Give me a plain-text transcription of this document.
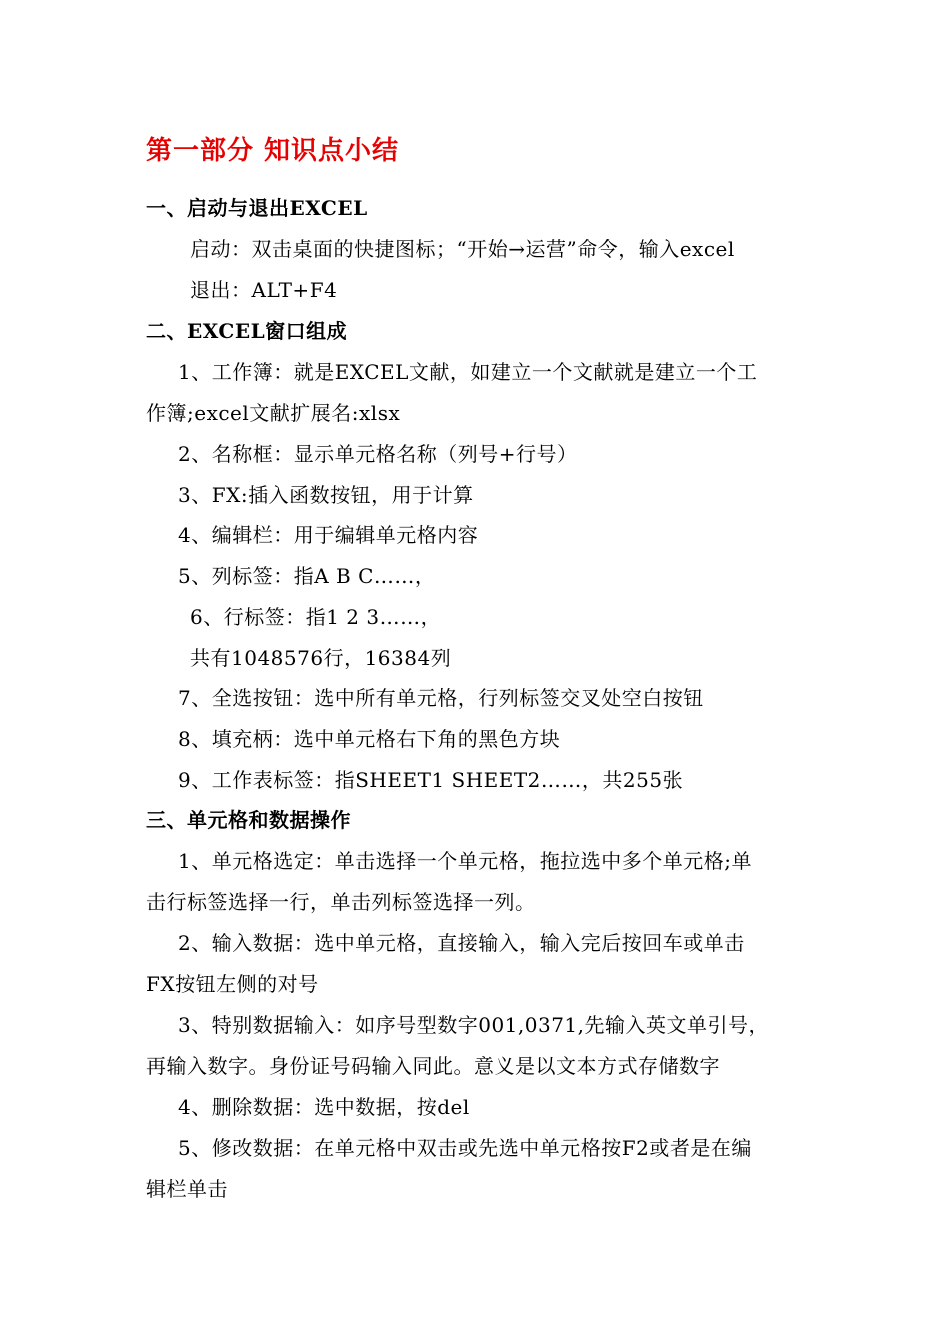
第一部分 知识点小结
一、启动与退出EXCEL
启动：双击桌面的快捷图标；“开始→运营”命令，输入excel
退出：ALT+F4
二、EXCEL窗口组成
1、工作簿：就是EXCEL文献，如建立一个文献就是建立一个工
作簿;excel文献扩展名:xlsx
2、名称框：显示单元格名称（列号+行号）
3、FX:插入函数按钮，用于计算
4、编辑栏：用于编辑单元格内容
5、列标签：指A B C……，
6、行标签：指1 2 3……，
共有1048576行，16384列
7、全选按钮：选中所有单元格，行列标签交叉处空白按钮
8、填充柄：选中单元格右下角的黑色方块
9、工作表标签：指SHEET1 SHEET2……，共255张
三、单元格和数据操作
1、单元格选定：单击选择一个单元格，拖拉选中多个单元格;单
击行标签选择一行，单击列标签选择一列。
2、输入数据：选中单元格，直接输入，输入完后按回车或单击
FX按钮左侧的对号
3、特别数据输入：如序号型数字001,0371,先输入英文单引号，
再输入数字。身份证号码输入同此。意义是以文本方式存储数字
4、删除数据：选中数据，按del
5、修改数据：在单元格中双击或先选中单元格按F2或者是在编
辑栏单击
